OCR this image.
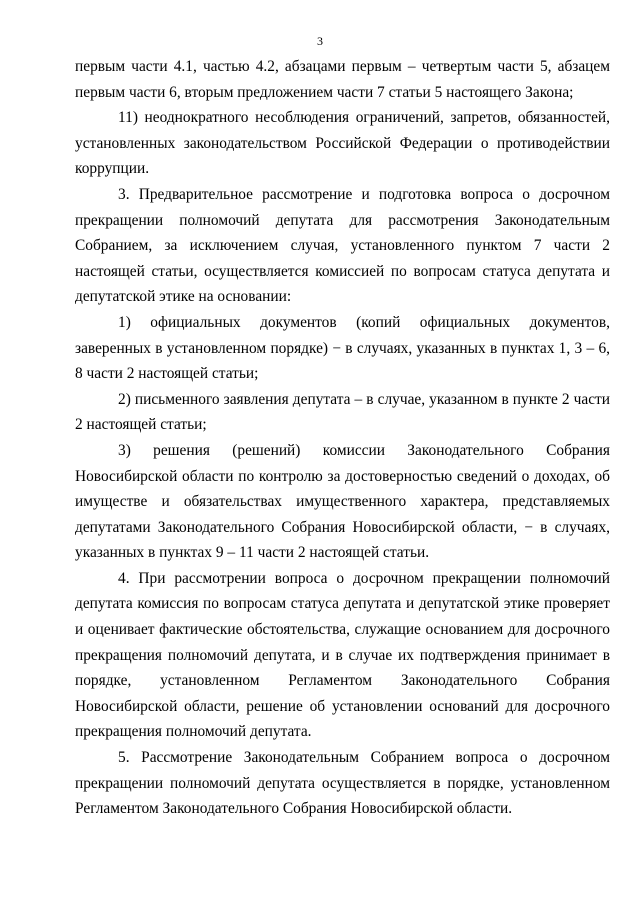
3

первым части 4.1, частью 4.2, абзацами первым – четвертым части 5, абзацем первым части 6, вторым предложением части 7 статьи 5 настоящего Закона;

11) неоднократного несоблюдения ограничений, запретов, обязанностей, установленных законодательством Российской Федерации о противодействии коррупции.

3. Предварительное рассмотрение и подготовка вопроса о досрочном прекращении полномочий депутата для рассмотрения Законодательным Собранием, за исключением случая, установленного пунктом 7 части 2 настоящей статьи, осуществляется комиссией по вопросам статуса депутата и депутатской этике на основании:

1) официальных документов (копий официальных документов, заверенных в установленном порядке) − в случаях, указанных в пунктах 1, 3 – 6, 8 части 2 настоящей статьи;

2) письменного заявления депутата – в случае, указанном в пункте 2 части 2 настоящей статьи;

3) решения (решений) комиссии Законодательного Собрания Новосибирской области по контролю за достоверностью сведений о доходах, об имуществе и обязательствах имущественного характера, представляемых депутатами Законодательного Собрания Новосибирской области, − в случаях, указанных в пунктах 9 – 11 части 2 настоящей статьи.

4. При рассмотрении вопроса о досрочном прекращении полномочий депутата комиссия по вопросам статуса депутата и депутатской этике проверяет и оценивает фактические обстоятельства, служащие основанием для досрочного прекращения полномочий депутата, и в случае их подтверждения принимает в порядке, установленном Регламентом Законодательного Собрания Новосибирской области, решение об установлении оснований для досрочного прекращения полномочий депутата.

5. Рассмотрение Законодательным Собранием вопроса о досрочном прекращении полномочий депутата осуществляется в порядке, установленном Регламентом Законодательного Собрания Новосибирской области.
